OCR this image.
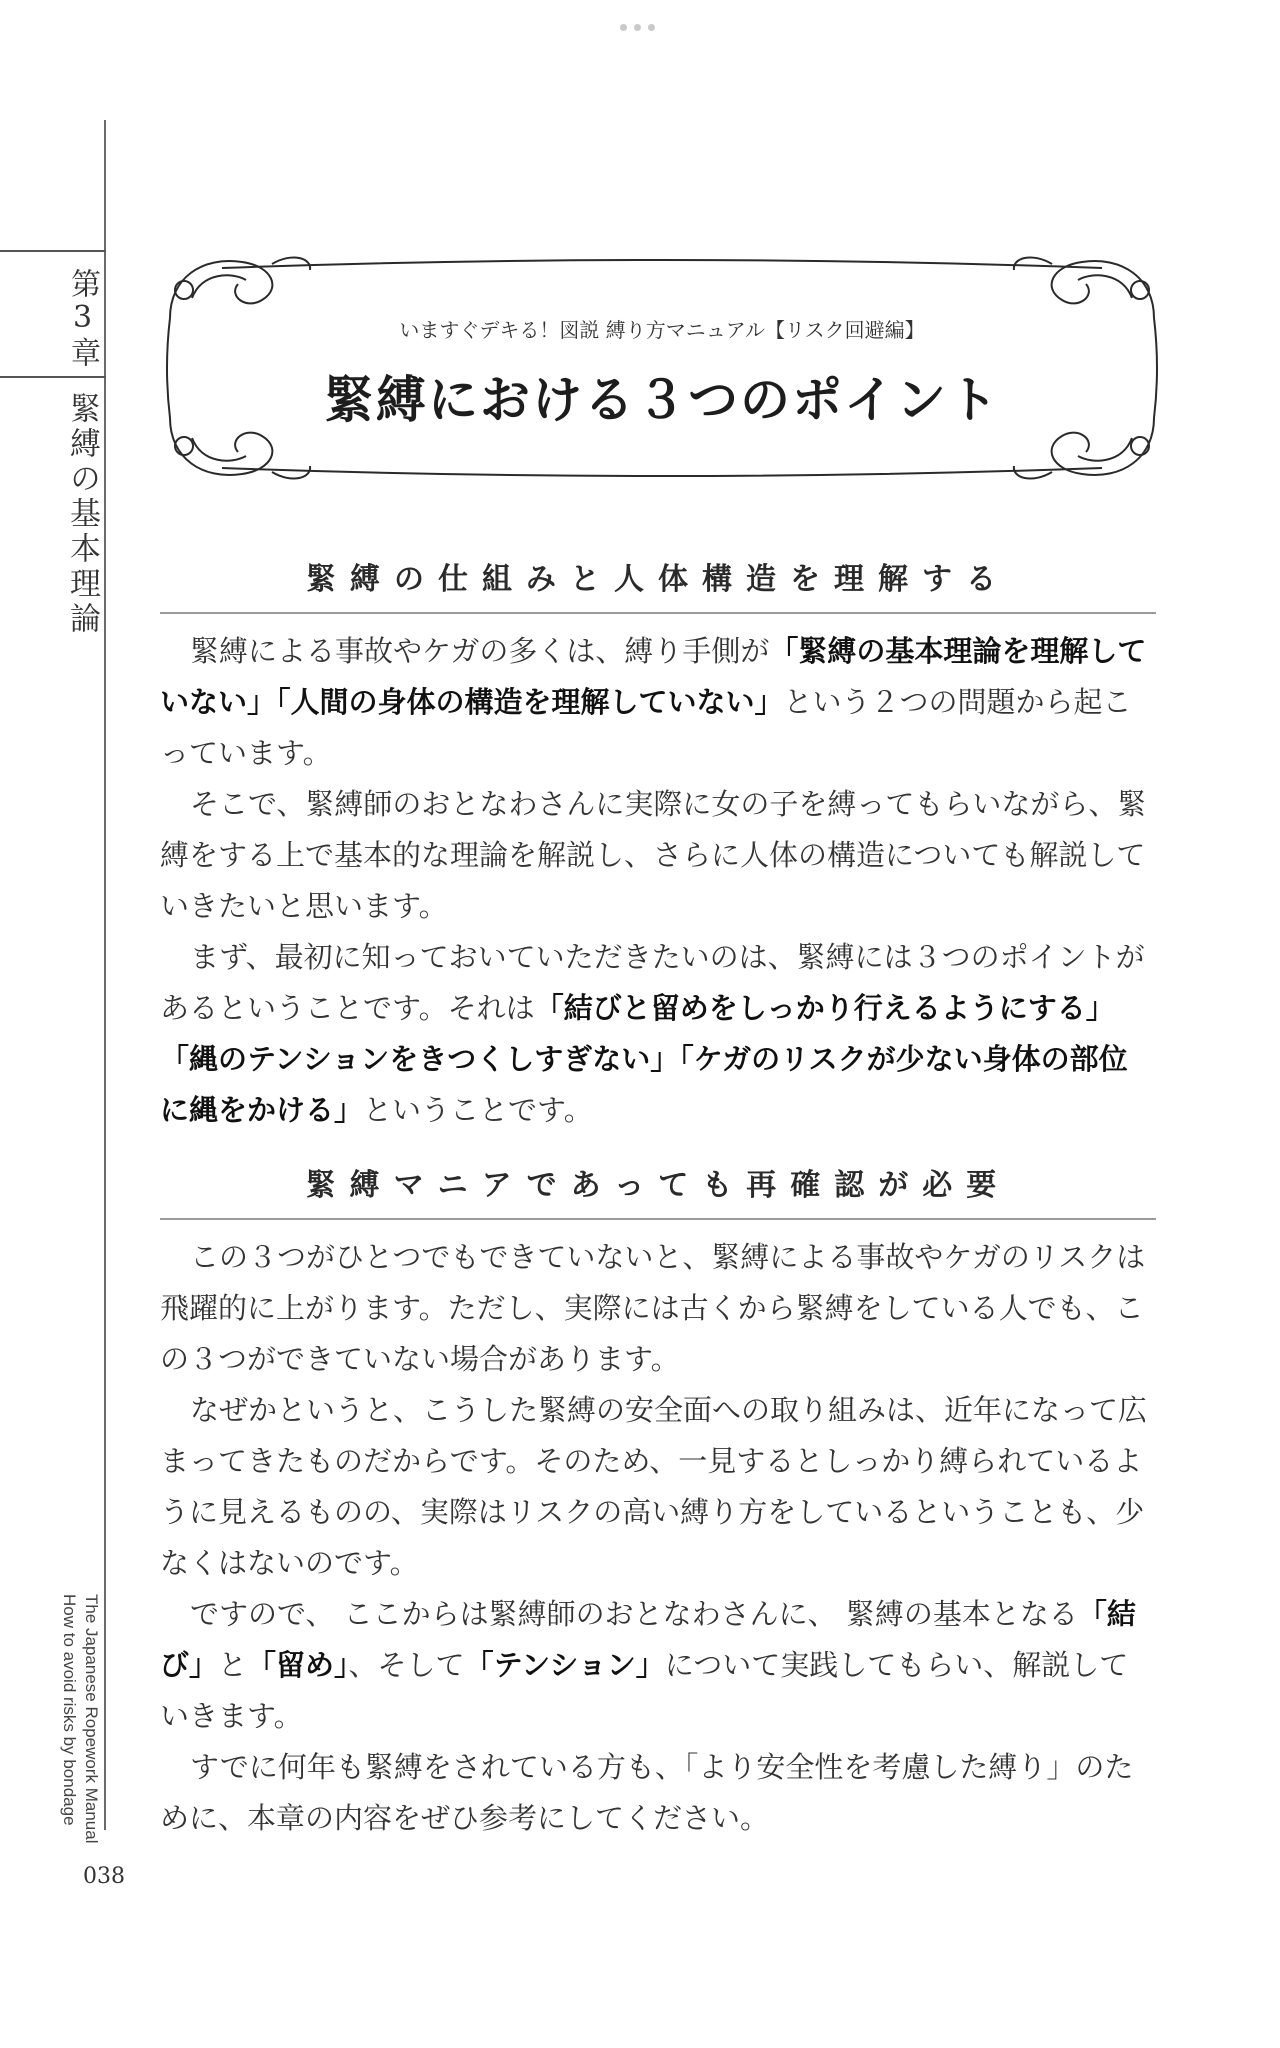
第3章
緊縛の基本理論
The Japanese Ropework Manual
How to avoid risks by bondage
038
いますぐデキる！図説 縛り方マニュアル【リスク回避編】
緊縛における３つのポイント
緊縛の仕組みと人体構造を理解する

緊縛による事故やケガの多くは、縛り手側が「緊縛の基本理論を理解していない」「人間の身体の構造を理解していない」という２つの問題から起こっています。

そこで、緊縛師のおとなわさんに実際に女の子を縛ってもらいながら、緊縛をする上で基本的な理論を解説し、さらに人体の構造についても解説していきたいと思います。

まず、最初に知っておいていただきたいのは、緊縛には３つのポイントがあるということです。それは「結びと留めをしっかり行えるようにする」「縄のテンションをきつくしすぎない」「ケガのリスクが少ない身体の部位に縄をかける」ということです。

緊縛マニアであっても再確認が必要

この３つがひとつでもできていないと、緊縛による事故やケガのリスクは飛躍的に上がります。ただし、実際には古くから緊縛をしている人でも、この３つができていない場合があります。

なぜかというと、こうした緊縛の安全面への取り組みは、近年になって広まってきたものだからです。そのため、一見するとしっかり縛られているように見えるものの、実際はリスクの高い縛り方をしているということも、少なくはないのです。

ですので、 ここからは緊縛師のおとなわさんに、 緊縛の基本となる「結び」と「留め」、そして「テンション」について実践してもらい、解説していきます。

すでに何年も緊縛をされている方も、「より安全性を考慮した縛り」のために、本章の内容をぜひ参考にしてください。
